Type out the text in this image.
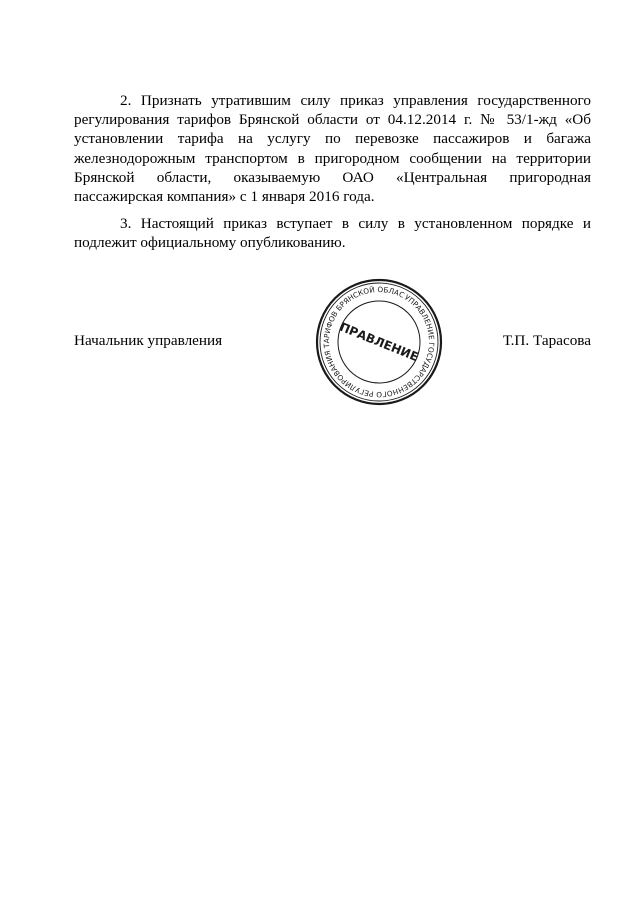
2. Признать утратившим силу приказ управления государственного регулирования тарифов Брянской области от 04.12.2014 г. № 53/1-жд «Об установлении тарифа на услугу по перевозке пассажиров и багажа железнодорожным транспортом в пригородном сообщении на территории Брянской области, оказываемую ОАО «Центральная пригородная пассажирская компания» с 1 января 2016 года.

3. Настоящий приказ вступает в силу в установленном порядке и подлежит официальному опубликованию.

Начальник управления	Т.П. Тарасова
УПРАВЛЕНИЕ ГОСУДАРСТВЕННОГО РЕГУЛИРОВАНИЯ ТАРИФОВ БРЯНСКОЙ ОБЛАСТИ
ПРАВЛЕНИЕ
